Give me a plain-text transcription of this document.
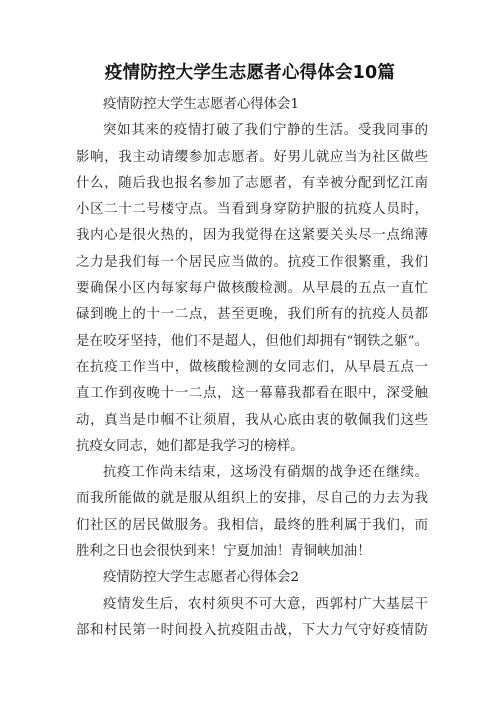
疫情防控大学生志愿者心得体会10篇
疫情防控大学生志愿者心得体会1
突如其来的疫情打破了我们宁静的生活。受我同事的
影响，我主动请缨参加志愿者。好男儿就应当为社区做些
什么，随后我也报名参加了志愿者，有幸被分配到忆江南
小区二十二号楼守点。当看到身穿防护服的抗疫人员时，
我内心是很火热的，因为我觉得在这紧要关头尽一点绵薄
之力是我们每一个居民应当做的。抗疫工作很繁重，我们
要确保小区内每家每户做核酸检测。从早晨的五点一直忙
碌到晚上的十一二点，甚至更晚，我们所有的抗疫人员都
是在咬牙坚持，他们不是超人，但他们却拥有“钢铁之躯”。
在抗疫工作当中，做核酸检测的女同志们，从早晨五点一
直工作到夜晚十一二点，这一幕幕我都看在眼中，深受触
动，真当是巾帼不让须眉，我从心底由衷的敬佩我们这些
抗疫女同志，她们都是我学习的榜样。
抗疫工作尚未结束，这场没有硝烟的战争还在继续。
而我所能做的就是服从组织上的安排，尽自己的力去为我
们社区的居民做服务。我相信，最终的胜利属于我们，而
胜利之日也会很快到来！宁夏加油！青铜峡加油！
疫情防控大学生志愿者心得体会2
疫情发生后，农村须臾不可大意，西郭村广大基层干
部和村民第一时间投入抗疫阻击战，下大力气守好疫情防
